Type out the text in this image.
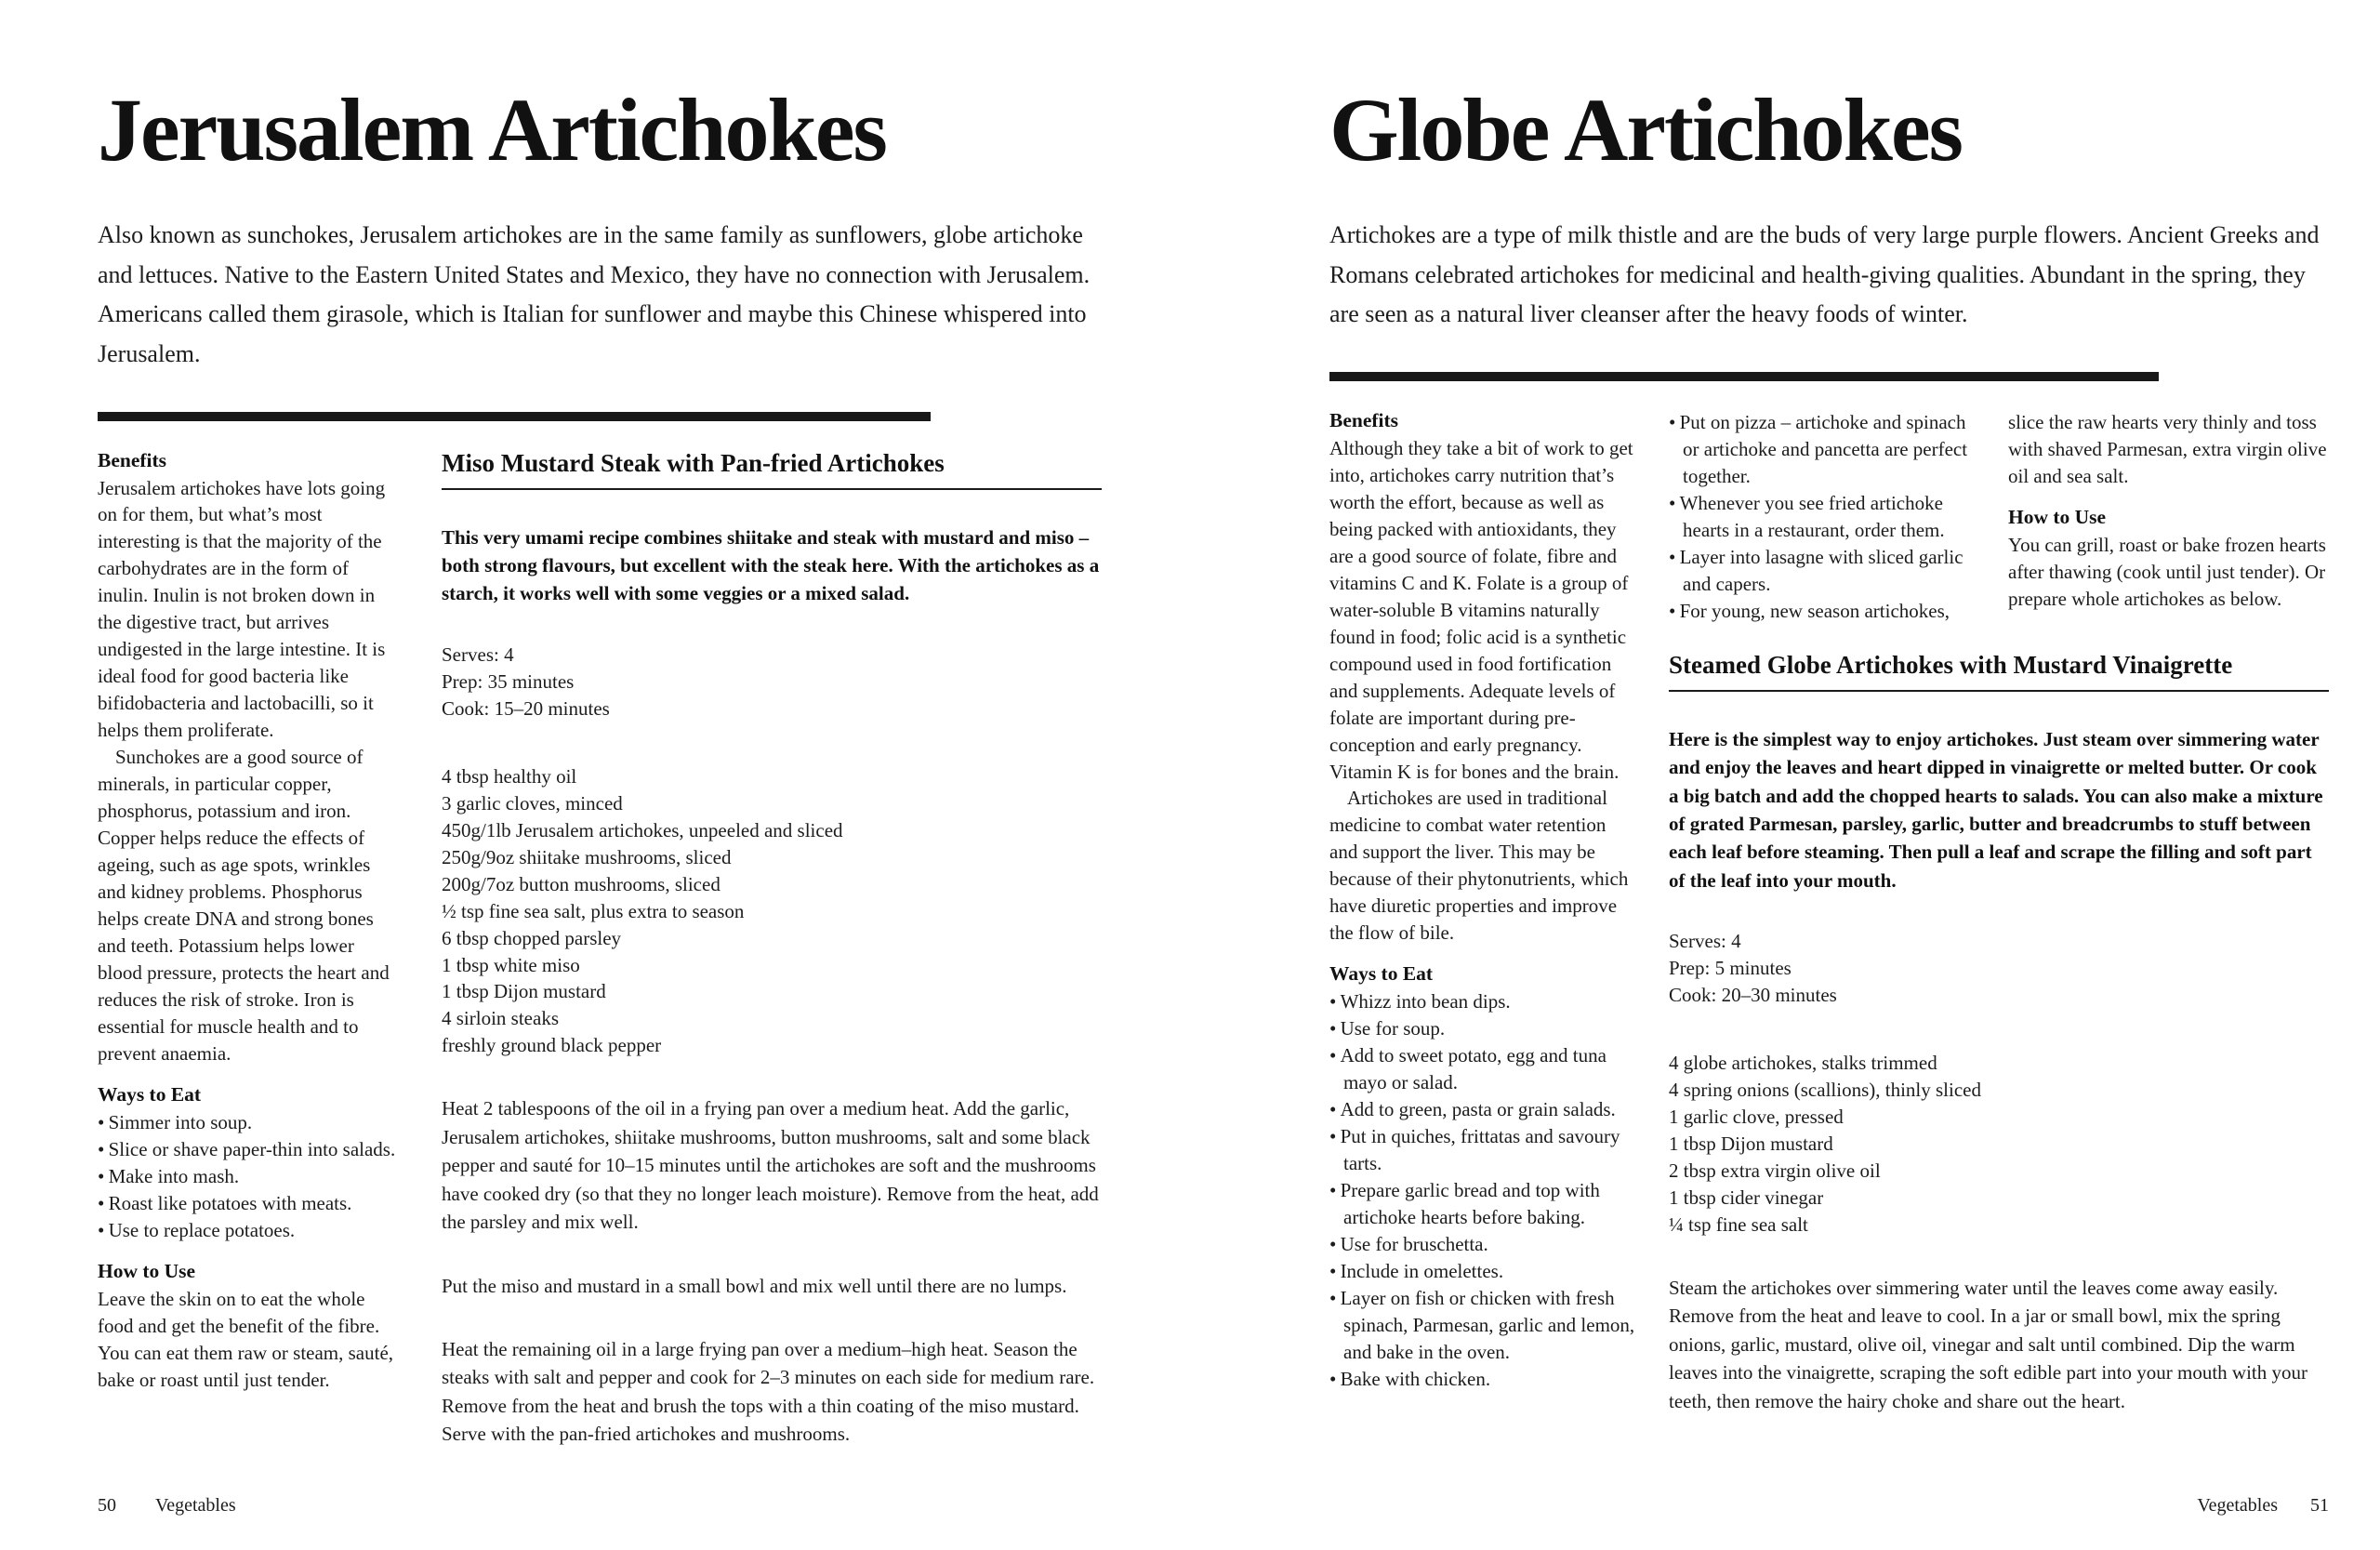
Jerusalem Artichokes

Also known as sunchokes, Jerusalem artichokes are in the same family as sunflowers, globe artichoke and lettuces. Native to the Eastern United States and Mexico, they have no connection with Jerusalem. Americans called them girasole, which is Italian for sunflower and maybe this Chinese whispered into Jerusalem.

Benefits

Jerusalem artichokes have lots going on for them, but what’s most interesting is that the majority of the carbohydrates are in the form of inulin. Inulin is not broken down in the digestive tract, but arrives undigested in the large intestine. It is ideal food for good bacteria like bifidobacteria and lactobacilli, so it helps them proliferate.

Sunchokes are a good source of minerals, in particular copper, phosphorus, potassium and iron. Copper helps reduce the effects of ageing, such as age spots, wrinkles and kidney problems. Phosphorus helps create DNA and strong bones and teeth. Potassium helps lower blood pressure, protects the heart and reduces the risk of stroke. Iron is essential for muscle health and to prevent anaemia.

Ways to Eat
• Simmer into soup.
• Slice or shave paper-thin into salads.
• Make into mash.
• Roast like potatoes with meats.
• Use to replace potatoes.
How to Use

Leave the skin on to eat the whole food and get the benefit of the fibre. You can eat them raw or steam, sauté, bake or roast until just tender.

Miso Mustard Steak with Pan-fried Artichokes

This very umami recipe combines shiitake and steak with mustard and miso – both strong flavours, but excellent with the steak here. With the artichokes as a starch, it works well with some veggies or a mixed salad.

Serves: 4
Prep: 35 minutes
Cook: 15–20 minutes
4 tbsp healthy oil
3 garlic cloves, minced
450g/1lb Jerusalem artichokes, unpeeled and sliced
250g/9oz shiitake mushrooms, sliced
200g/7oz button mushrooms, sliced
½ tsp fine sea salt, plus extra to season
6 tbsp chopped parsley
1 tbsp white miso
1 tbsp Dijon mustard
4 sirloin steaks
freshly ground black pepper

Heat 2 tablespoons of the oil in a frying pan over a medium heat. Add the garlic, Jerusalem artichokes, shiitake mushrooms, button mushrooms, salt and some black pepper and sauté for 10–15 minutes until the artichokes are soft and the mushrooms have cooked dry (so that they no longer leach moisture). Remove from the heat, add the parsley and mix well.

Put the miso and mustard in a small bowl and mix well until there are no lumps.

Heat the remaining oil in a large frying pan over a medium–high heat. Season the steaks with salt and pepper and cook for 2–3 minutes on each side for medium rare. Remove from the heat and brush the tops with a thin coating of the miso mustard. Serve with the pan-fried artichokes and mushrooms.

50 Vegetables
Globe Artichokes

Artichokes are a type of milk thistle and are the buds of very large purple flowers. Ancient Greeks and Romans celebrated artichokes for medicinal and health-giving qualities. Abundant in the spring, they are seen as a natural liver cleanser after the heavy foods of winter.

Benefits

Although they take a bit of work to get into, artichokes carry nutrition that’s worth the effort, because as well as being packed with antioxidants, they are a good source of folate, fibre and vitamins C and K. Folate is a group of water-soluble B vitamins naturally found in food; folic acid is a synthetic compound used in food fortification and supplements. Adequate levels of folate are important during pre-conception and early pregnancy. Vitamin K is for bones and the brain.

Artichokes are used in traditional medicine to combat water retention and support the liver. This may be because of their phytonutrients, which have diuretic properties and improve the flow of bile.

Ways to Eat
• Whizz into bean dips.
• Use for soup.
• Add to sweet potato, egg and tuna mayo or salad.
• Add to green, pasta or grain salads.
• Put in quiches, frittatas and savoury tarts.
• Prepare garlic bread and top with artichoke hearts before baking.
• Use for bruschetta.
• Include in omelettes.
• Layer on fish or chicken with fresh spinach, Parmesan, garlic and lemon, and bake in the oven.
• Bake with chicken.
• Put on pizza – artichoke and spinach or artichoke and pancetta are perfect together.
• Whenever you see fried artichoke hearts in a restaurant, order them.
• Layer into lasagne with sliced garlic and capers.
• For young, new season artichokes,

slice the raw hearts very thinly and toss with shaved Parmesan, extra virgin olive oil and sea salt.

How to Use

You can grill, roast or bake frozen hearts after thawing (cook until just tender). Or prepare whole artichokes as below.

Steamed Globe Artichokes with Mustard Vinaigrette

Here is the simplest way to enjoy artichokes. Just steam over simmering water and enjoy the leaves and heart dipped in vinaigrette or melted butter. Or cook a big batch and add the chopped hearts to salads. You can also make a mixture of grated Parmesan, parsley, garlic, butter and breadcrumbs to stuff between each leaf before steaming. Then pull a leaf and scrape the filling and soft part of the leaf into your mouth.

Serves: 4
Prep: 5 minutes
Cook: 20–30 minutes
4 globe artichokes, stalks trimmed
4 spring onions (scallions), thinly sliced
1 garlic clove, pressed
1 tbsp Dijon mustard
2 tbsp extra virgin olive oil
1 tbsp cider vinegar
¼ tsp fine sea salt

Steam the artichokes over simmering water until the leaves come away easily. Remove from the heat and leave to cool. In a jar or small bowl, mix the spring onions, garlic, mustard, olive oil, vinegar and salt until combined. Dip the warm leaves into the vinaigrette, scraping the soft edible part into your mouth with your teeth, then remove the hairy choke and share out the heart.

Vegetables 51
